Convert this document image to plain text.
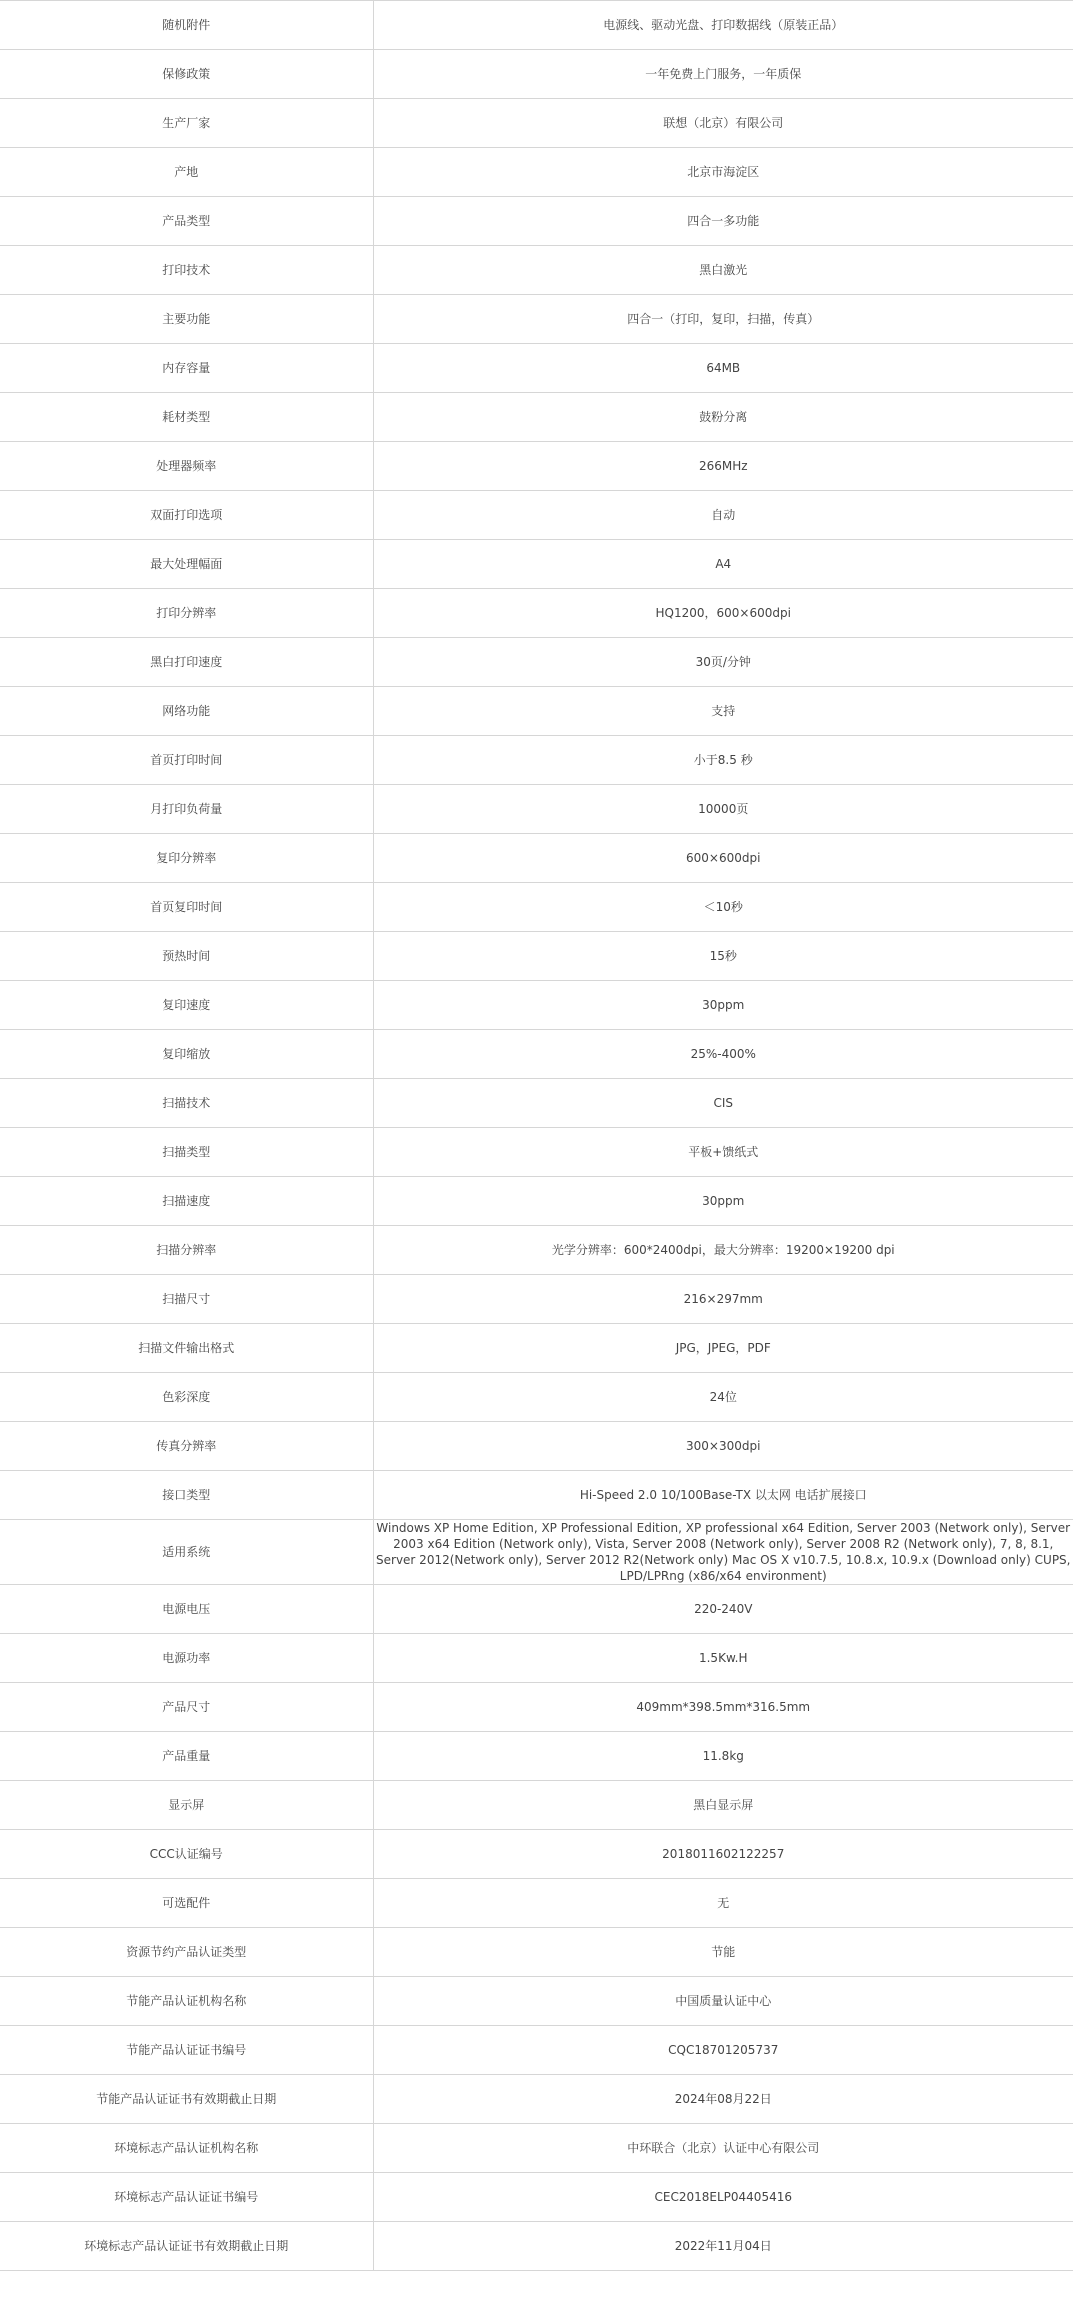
随机附件	电源线、驱动光盘、打印数据线（原装正品）
保修政策	一年免费上门服务，一年质保
生产厂家	联想（北京）有限公司
产地	北京市海淀区
产品类型	四合一多功能
打印技术	黑白激光
主要功能	四合一（打印，复印，扫描，传真）
内存容量	64MB
耗材类型	鼓粉分离
处理器频率	266MHz
双面打印选项	自动
最大处理幅面	A4
打印分辨率	HQ1200，600×600dpi
黑白打印速度	30页/分钟
网络功能	支持
首页打印时间	小于8.5 秒
月打印负荷量	10000页
复印分辨率	600×600dpi
首页复印时间	＜10秒
预热时间	15秒
复印速度	30ppm
复印缩放	25%-400%
扫描技术	CIS
扫描类型	平板+馈纸式
扫描速度	30ppm
扫描分辨率	光学分辨率：600*2400dpi，最大分辨率：19200×19200 dpi
扫描尺寸	216×297mm
扫描文件输出格式	JPG，JPEG，PDF
色彩深度	24位
传真分辨率	300×300dpi
接口类型	Hi-Speed 2.0 10/100Base-TX 以太网 电话扩展接口
适用系统	Windows XP Home Edition, XP Professional Edition, XP professional x64 Edition, Server 2003 (Network only), Server 2003 x64 Edition (Network only), Vista, Server 2008 (Network only), Server 2008 R2 (Network only), 7, 8, 8.1, Server 2012(Network only), Server 2012 R2(Network only) Mac OS X v10.7.5, 10.8.x, 10.9.x (Download only) CUPS, LPD/LPRng (x86/x64 environment)
电源电压	220-240V
电源功率	1.5Kw.H
产品尺寸	409mm*398.5mm*316.5mm
产品重量	11.8kg
显示屏	黑白显示屏
CCC认证编号	2018011602122257
可选配件	无
资源节约产品认证类型	节能
节能产品认证机构名称	中国质量认证中心
节能产品认证证书编号	CQC18701205737
节能产品认证证书有效期截止日期	2024年08月22日
环境标志产品认证机构名称	中环联合（北京）认证中心有限公司
环境标志产品认证证书编号	CEC2018ELP04405416
环境标志产品认证证书有效期截止日期	2022年11月04日
